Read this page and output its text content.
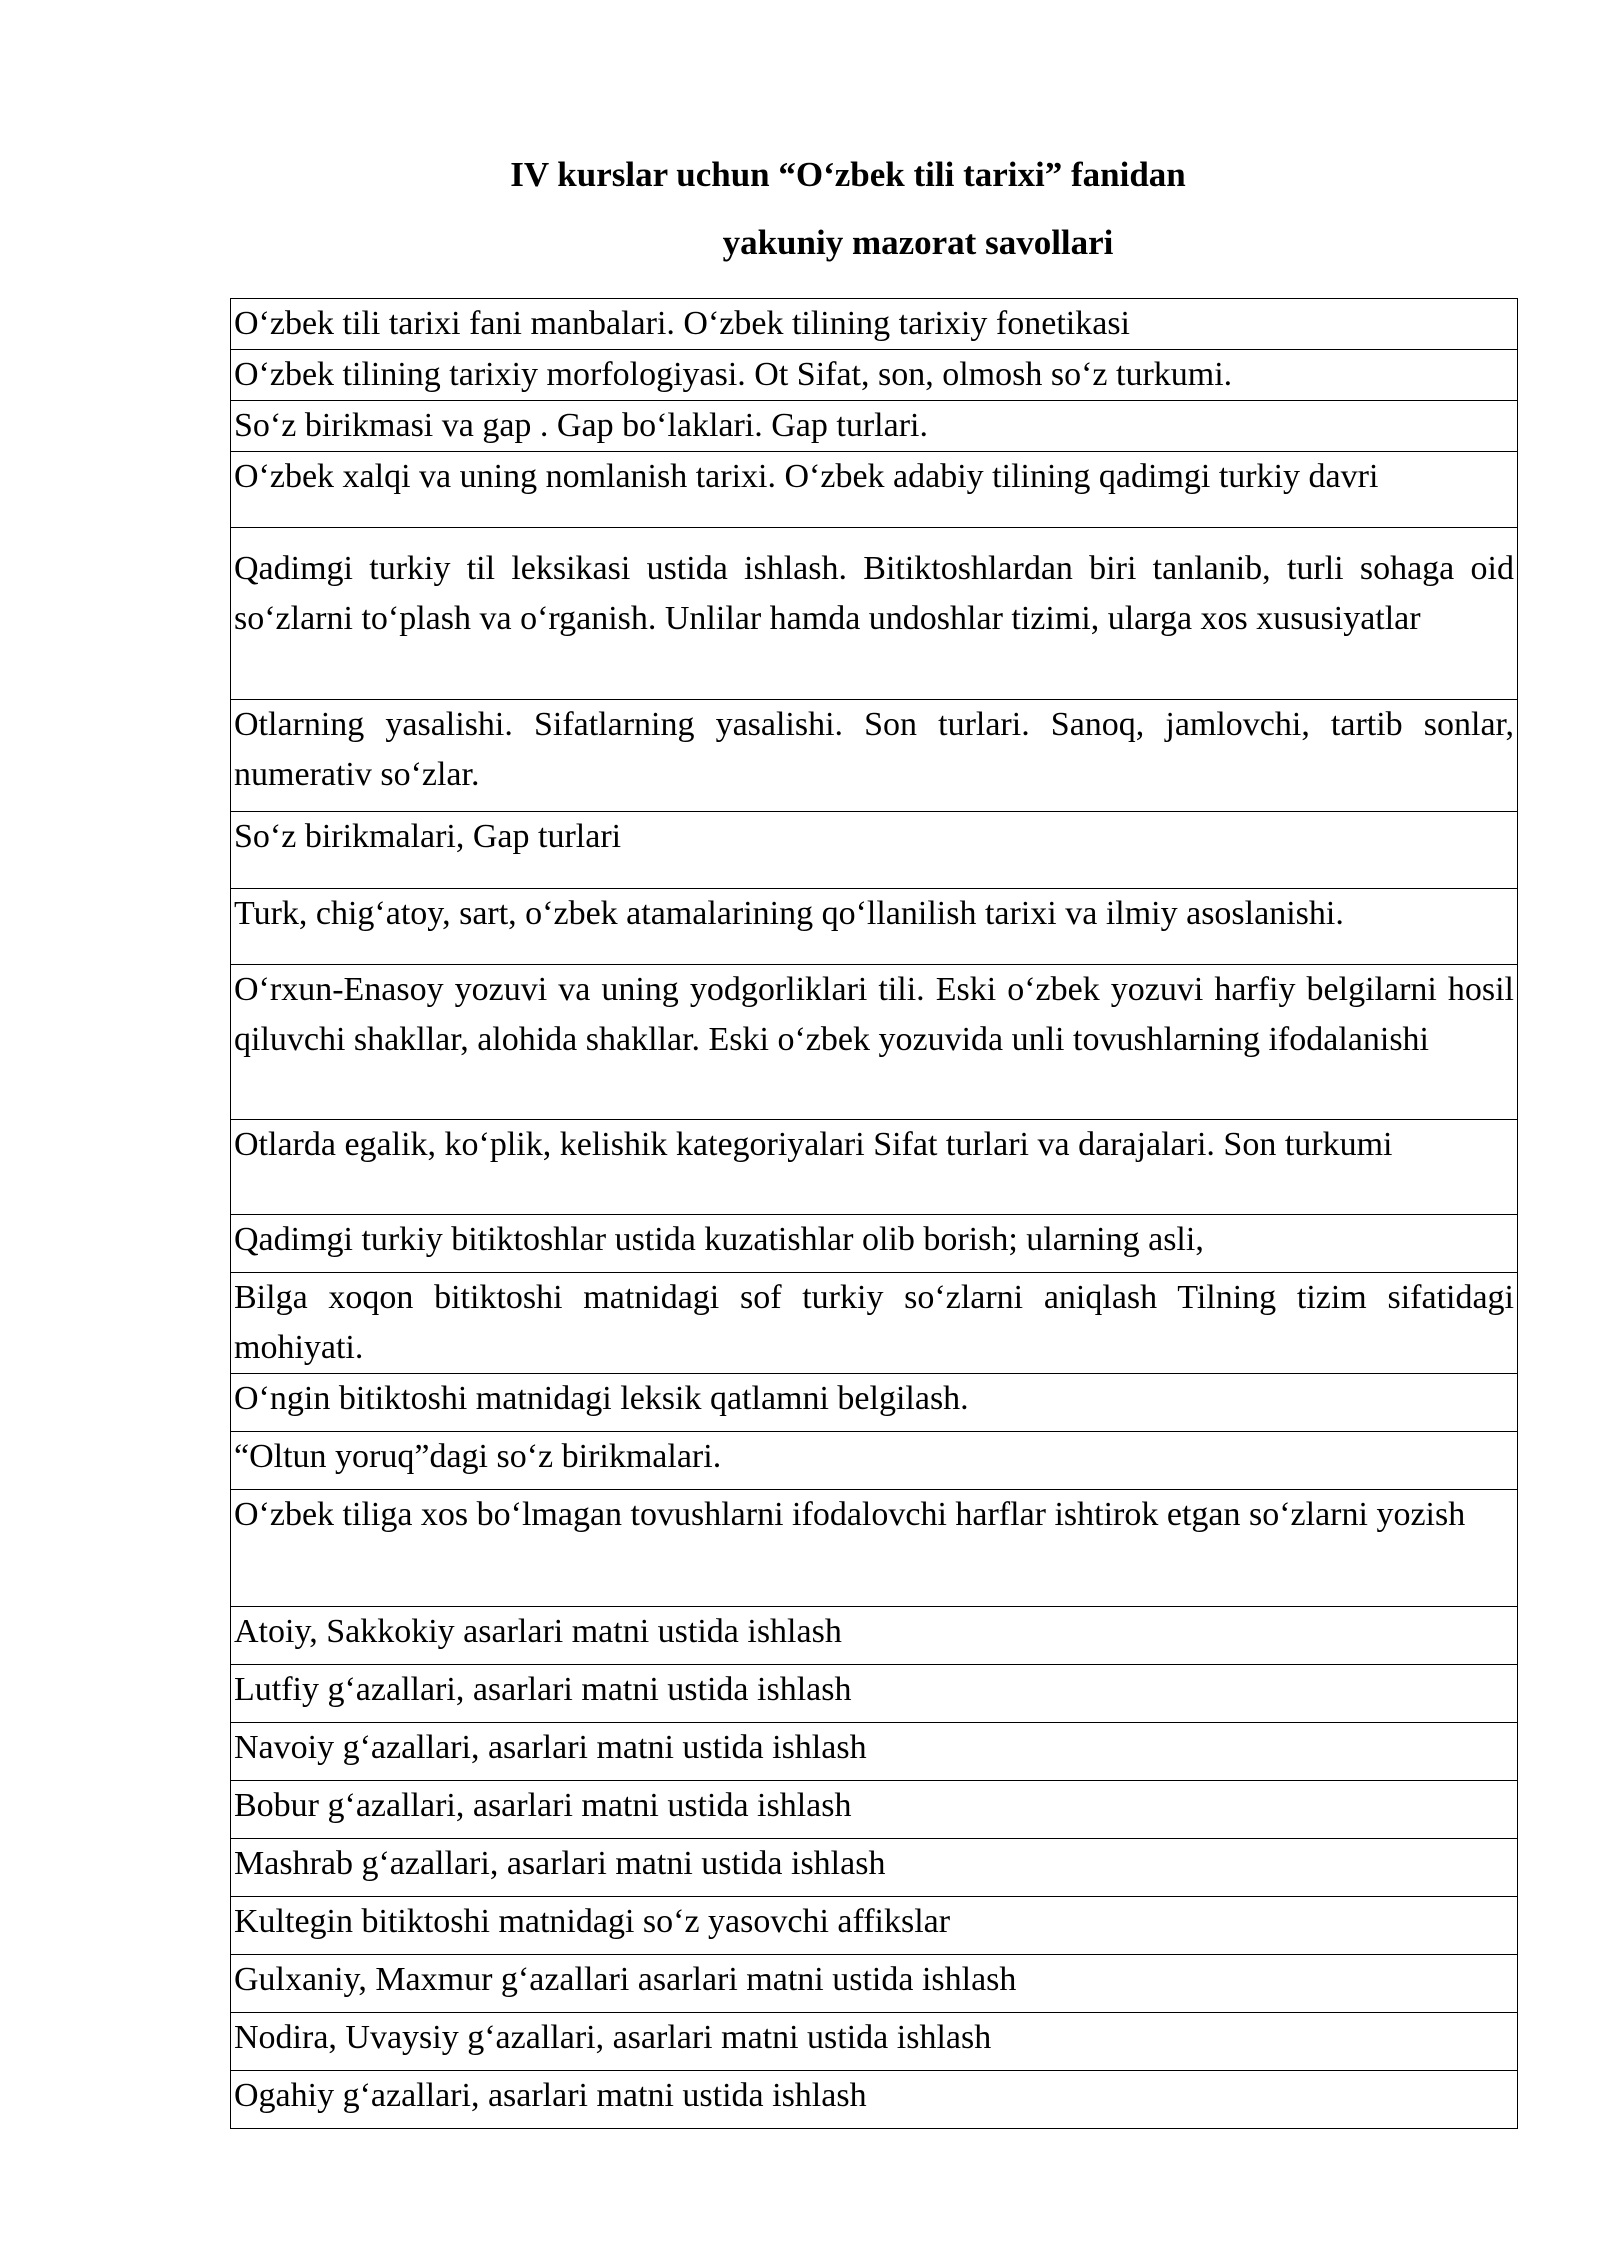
IV kurslar uchun “O‘zbek tili tarixi” fanidan
yakuniy mazorat savollari
O‘zbek tili tarixi fani manbalari. O‘zbek tilining tarixiy fonetikasi
O‘zbek tilining tarixiy morfologiyasi. Ot Sifat, son, olmosh so‘z turkumi.
So‘z birikmasi va gap . Gap bo‘laklari. Gap turlari.
O‘zbek xalqi va uning nomlanish tarixi. O‘zbek adabiy tilining qadimgi turkiy davri
Qadimgi turkiy til leksikasi ustida ishlash. Bitiktoshlardan biri tanlanib, turli sohaga oid so‘zlarni to‘plash va o‘rganish. Unlilar hamda undoshlar tizimi, ularga xos xususiyatlar
Otlarning yasalishi. Sifatlarning yasalishi. Son turlari. Sanoq, jamlovchi, tartib sonlar, numerativ so‘zlar.
So‘z birikmalari, Gap turlari
Turk, chig‘atoy, sart, o‘zbek atamalarining qo‘llanilish tarixi va ilmiy asoslanishi.
O‘rxun-Enasoy yozuvi va uning yodgorliklari tili. Eski o‘zbek yozuvi harfiy belgilarni hosil qiluvchi shakllar, alohida shakllar. Eski o‘zbek yozuvida unli tovushlarning ifodalanishi
Otlarda egalik, ko‘plik, kelishik kategoriyalari Sifat turlari va darajalari. Son turkumi
Qadimgi turkiy bitiktoshlar ustida kuzatishlar olib borish; ularning asli,
Bilga xoqon bitiktoshi matnidagi sof turkiy so‘zlarni aniqlash Tilning tizim sifatidagi mohiyati.
O‘ngin bitiktoshi matnidagi leksik qatlamni belgilash.
“Oltun yoruq”dagi so‘z birikmalari.
O‘zbek tiliga xos bo‘lmagan tovushlarni ifodalovchi harflar ishtirok etgan so‘zlarni yozish
Atoiy, Sakkokiy asarlari matni ustida ishlash
Lutfiy g‘azallari, asarlari matni ustida ishlash
Navoiy g‘azallari, asarlari matni ustida ishlash
Bobur g‘azallari, asarlari matni ustida ishlash
Mashrab g‘azallari, asarlari matni ustida ishlash
Kultegin bitiktoshi matnidagi so‘z yasovchi affikslar
Gulxaniy, Maxmur g‘azallari asarlari matni ustida ishlash
Nodira, Uvaysiy g‘azallari, asarlari matni ustida ishlash
Ogahiy g‘azallari, asarlari matni ustida ishlash
